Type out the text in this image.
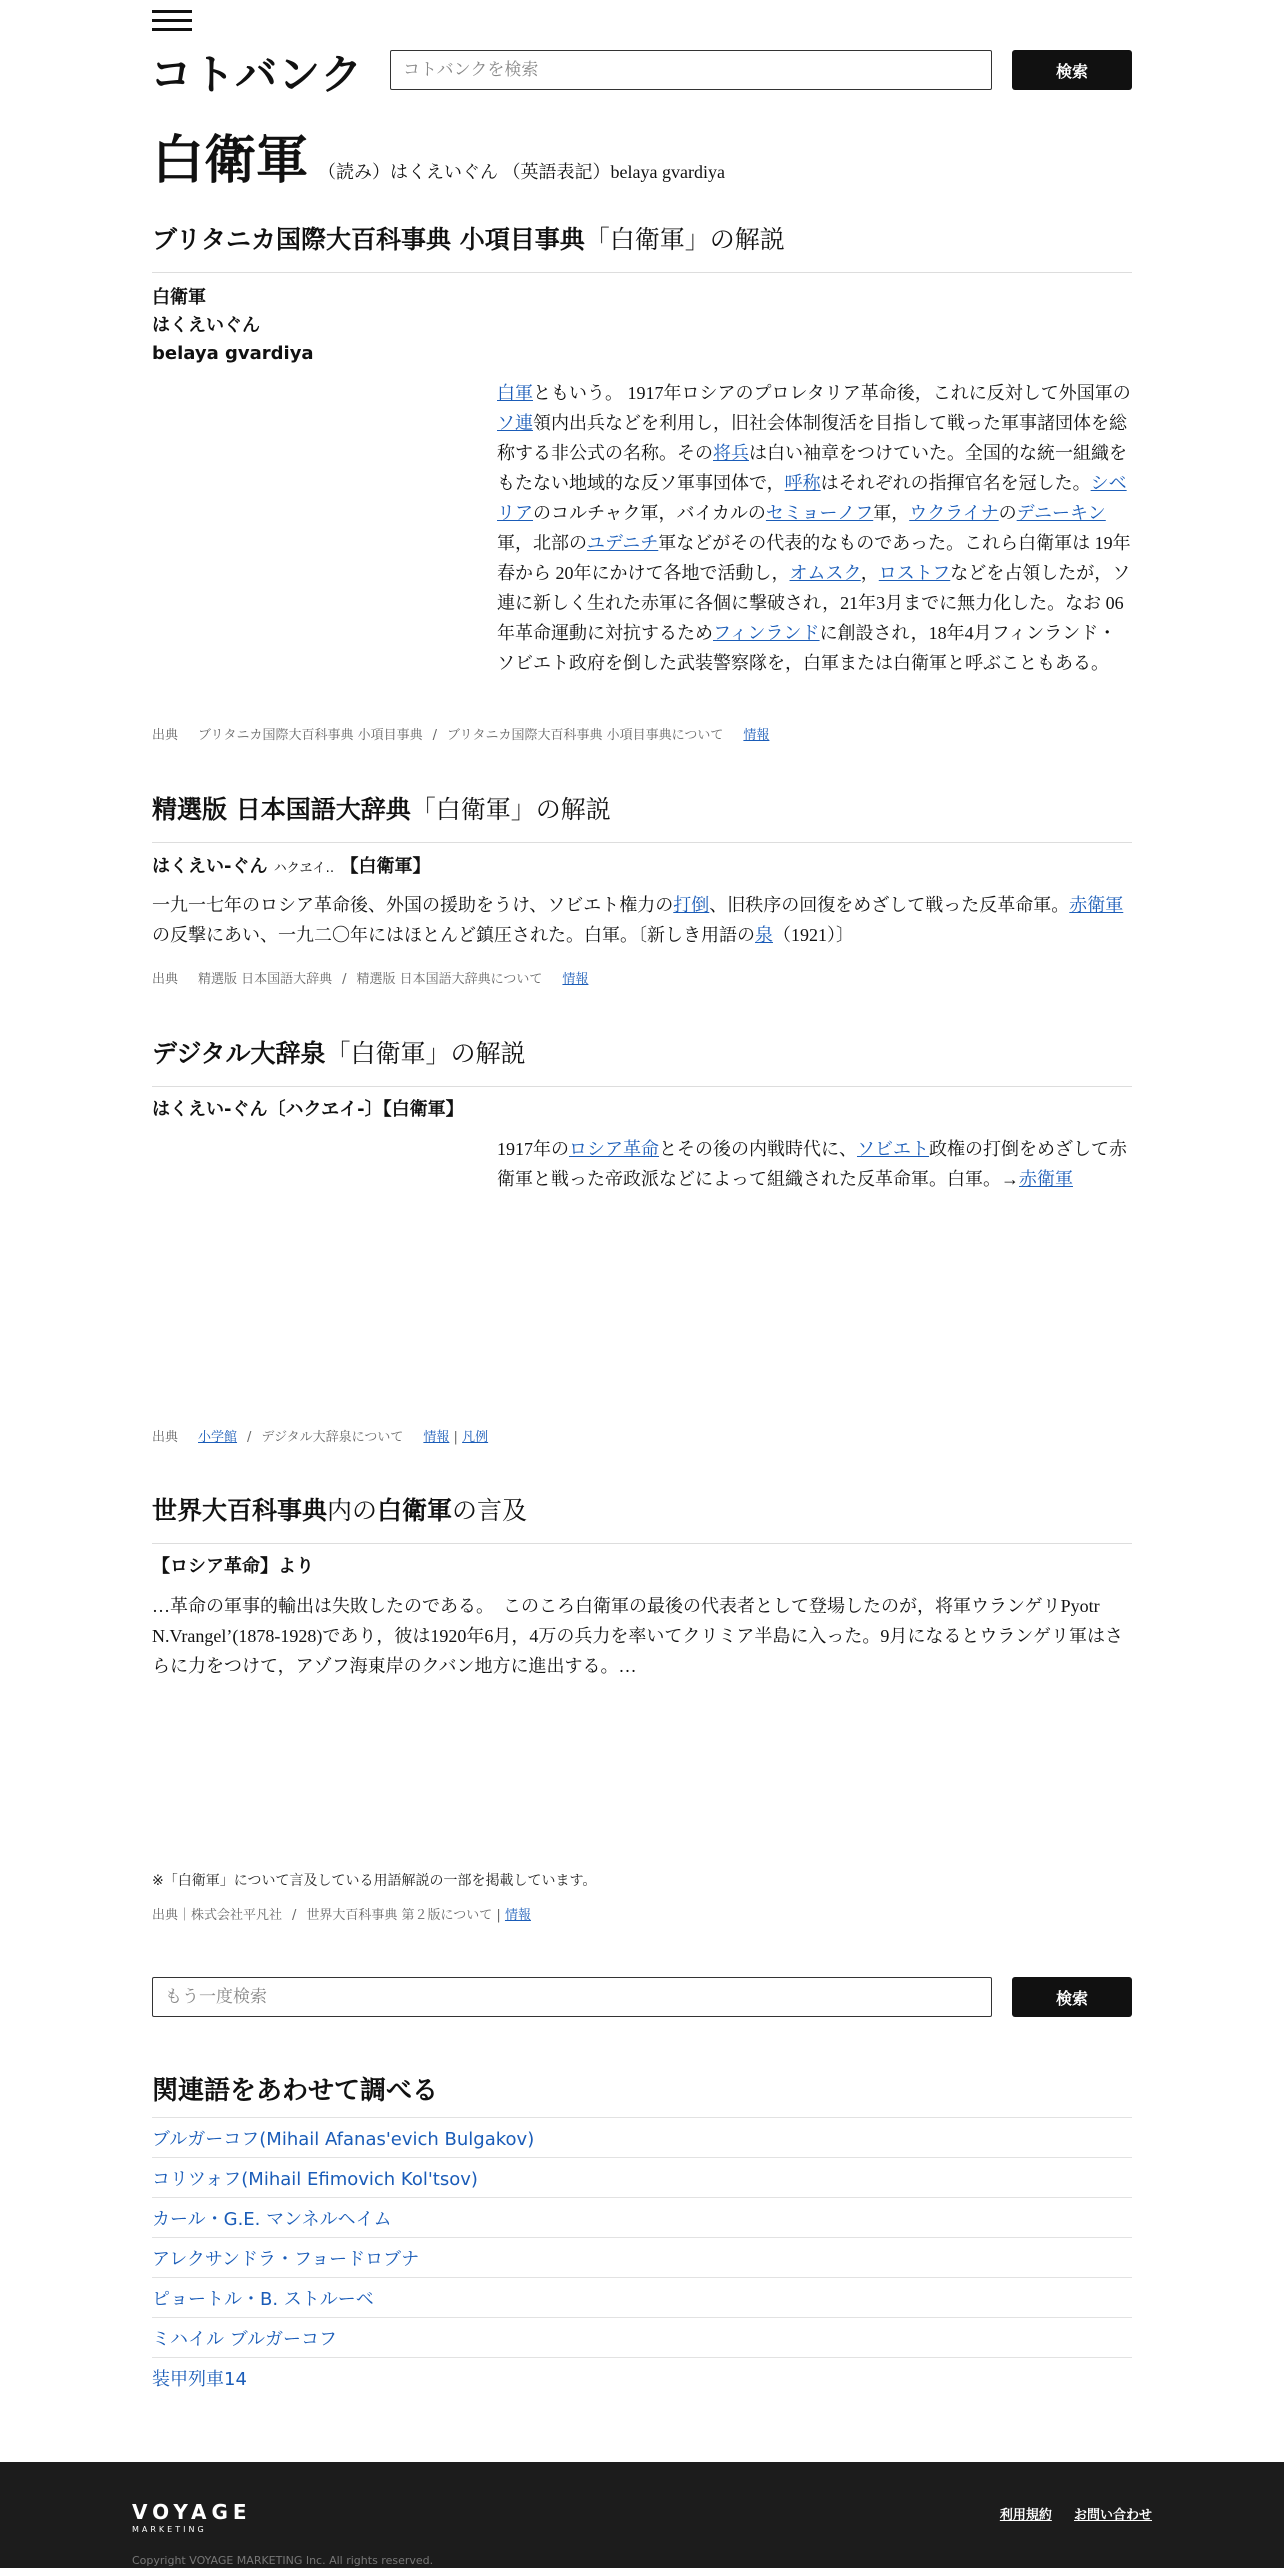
コトバンク
コトバンクを検索	検索
白衛軍 （読み）はくえいぐん （英語表記）belaya gvardiya
ブリタニカ国際大百科事典 小項目事典「白衛軍」の解説
白衛軍
はくえいぐん
belaya gvardiya
白軍ともいう。 1917年ロシアのプロレタリア革命後，これに反対して外国軍のソ連領内出兵などを利用し，旧社会体制復活を目指して戦った軍事諸団体を総称する非公式の名称。その将兵は白い袖章をつけていた。全国的な統一組織をもたない地域的な反ソ軍事団体で，呼称はそれぞれの指揮官名を冠した。シベリアのコルチャク軍，バイカルのセミョーノフ軍，ウクライナのデニーキン軍，北部のユデニチ軍などがその代表的なものであった。これら白衛軍は 19年春から 20年にかけて各地で活動し，オムスク，ロストフなどを占領したが，ソ連に新しく生れた赤軍に各個に撃破され，21年3月までに無力化した。なお 06年革命運動に対抗するためフィンランドに創設され，18年4月フィンランド・ソビエト政府を倒した武装警察隊を，白軍または白衛軍と呼ぶこともある。
出典 ブリタニカ国際大百科事典 小項目事典 / ブリタニカ国際大百科事典 小項目事典について 情報
精選版 日本国語大辞典「白衛軍」の解説
はくえい‐ぐん ハクヱイ‥ 【白衛軍】
一九一七年のロシア革命後、外国の援助をうけ、ソビエト権力の打倒、旧秩序の回復をめざして戦った反革命軍。赤衛軍の反撃にあい、一九二〇年にはほとんど鎮圧された。白軍。〔新しき用語の泉（1921）〕
出典 精選版 日本国語大辞典 / 精選版 日本国語大辞典について 情報
デジタル大辞泉「白衛軍」の解説
はくえい‐ぐん〔ハクヱイ‐〕【白衛軍】
1917年のロシア革命とその後の内戦時代に、ソビエト政権の打倒をめざして赤衛軍と戦った帝政派などによって組織された反革命軍。白軍。→赤衛軍
出典 小学館 / デジタル大辞泉について 情報 | 凡例
世界大百科事典内の白衛軍の言及
【ロシア革命】より
…革命の軍事的輸出は失敗したのである。　このころ白衛軍の最後の代表者として登場したのが，将軍ウランゲリPyotr N.Vrangel’(1878-1928)であり，彼は1920年6月，4万の兵力を率いてクリミア半島に入った。9月になるとウランゲリ軍はさらに力をつけて，アゾフ海東岸のクバン地方に進出する。…
※「白衛軍」について言及している用語解説の一部を掲載しています。
出典｜株式会社平凡社 / 世界大百科事典 第２版について | 情報
もう一度検索
検索
関連語をあわせて調べる
ブルガーコフ(Mihail Afanas'evich Bulgakov)
コリツォフ(Mihail Efimovich Kol'tsov)
カール・G.E. マンネルヘイム
アレクサンドラ・フョードロブナ
ピョートル・B. ストルーベ
ミハイル ブルガーコフ
装甲列車14
VOYAGE
MARKETING
利用規約 お問い合わせ
Copyright VOYAGE MARKETING Inc. All rights reserved.
